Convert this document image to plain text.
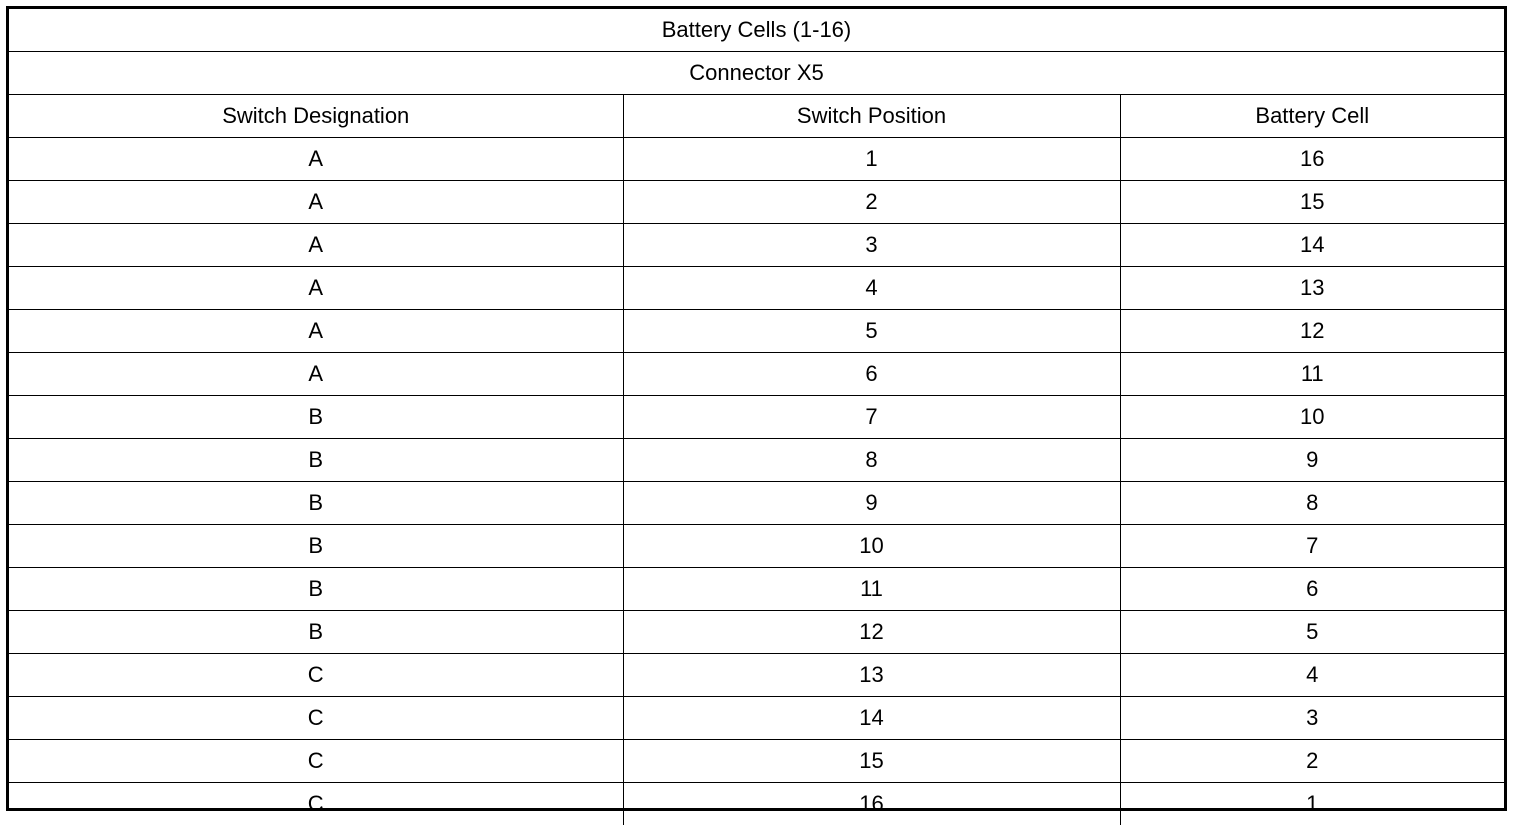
Battery Cells (1-16)		
Connector X5		
Switch Designation	Switch Position	Battery Cell
A	1	16
A	2	15
A	3	14
A	4	13
A	5	12
A	6	11
B	7	10
B	8	9
B	9	8
B	10	7
B	11	6
B	12	5
C	13	4
C	14	3
C	15	2
C	16	1
